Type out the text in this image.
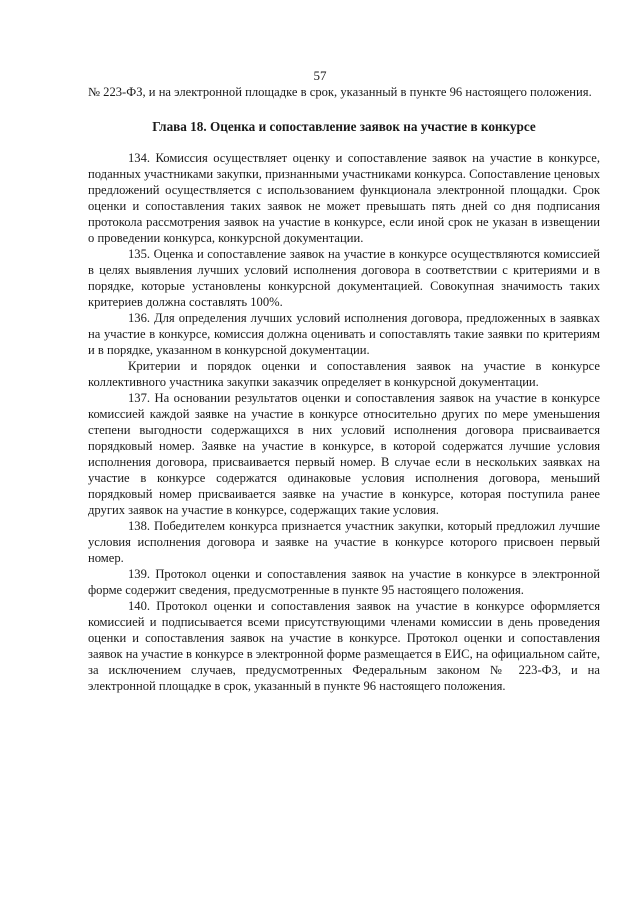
57

№ 223-ФЗ, и на электронной площадке в срок, указанный в пункте 96 настоящего положения.

Глава 18. Оценка и сопоставление заявок на участие в конкурсе

134. Комиссия осуществляет оценку и сопоставление заявок на участие в конкурсе, поданных участниками закупки, признанными участниками конкурса. Сопоставление ценовых предложений осуществляется с использованием функционала электронной площадки. Срок оценки и сопоставления таких заявок не может превышать пять дней со дня подписания протокола рассмотрения заявок на участие в конкурсе, если иной срок не указан в извещении о проведении конкурса, конкурсной документации.

135. Оценка и сопоставление заявок на участие в конкурсе осуществляются комиссией в целях выявления лучших условий исполнения договора в соответствии с критериями и в порядке, которые установлены конкурсной документацией. Совокупная значимость таких критериев должна составлять 100%.

136. Для определения лучших условий исполнения договора, предложенных в заявках на участие в конкурсе, комиссия должна оценивать и сопоставлять такие заявки по критериям и в порядке, указанном в конкурсной документации.

Критерии и порядок оценки и сопоставления заявок на участие в конкурсе коллективного участника закупки заказчик определяет в конкурсной документации.

137. На основании результатов оценки и сопоставления заявок на участие в конкурсе комиссией каждой заявке на участие в конкурсе относительно других по мере уменьшения степени выгодности содержащихся в них условий исполнения договора присваивается порядковый номер. Заявке на участие в конкурсе, в которой содержатся лучшие условия исполнения договора, присваивается первый номер. В случае если в нескольких заявках на участие в конкурсе содержатся одинаковые условия исполнения договора, меньший порядковый номер присваивается заявке на участие в конкурсе, которая поступила ранее других заявок на участие в конкурсе, содержащих такие условия.

138. Победителем конкурса признается участник закупки, который предложил лучшие условия исполнения договора и заявке на участие в конкурсе которого присвоен первый номер.

139. Протокол оценки и сопоставления заявок на участие в конкурсе в электронной форме содержит сведения, предусмотренные в пункте 95 настоящего положения.

140. Протокол оценки и сопоставления заявок на участие в конкурсе оформляется комиссией и подписывается всеми присутствующими членами комиссии в день проведения оценки и сопоставления заявок на участие в конкурсе. Протокол оценки и сопоставления заявок на участие в конкурсе в электронной форме размещается в ЕИС, на официальном сайте, за исключением случаев, предусмотренных Федеральным законом № 223-ФЗ, и на электронной площадке в срок, указанный в пункте 96 настоящего положения.
